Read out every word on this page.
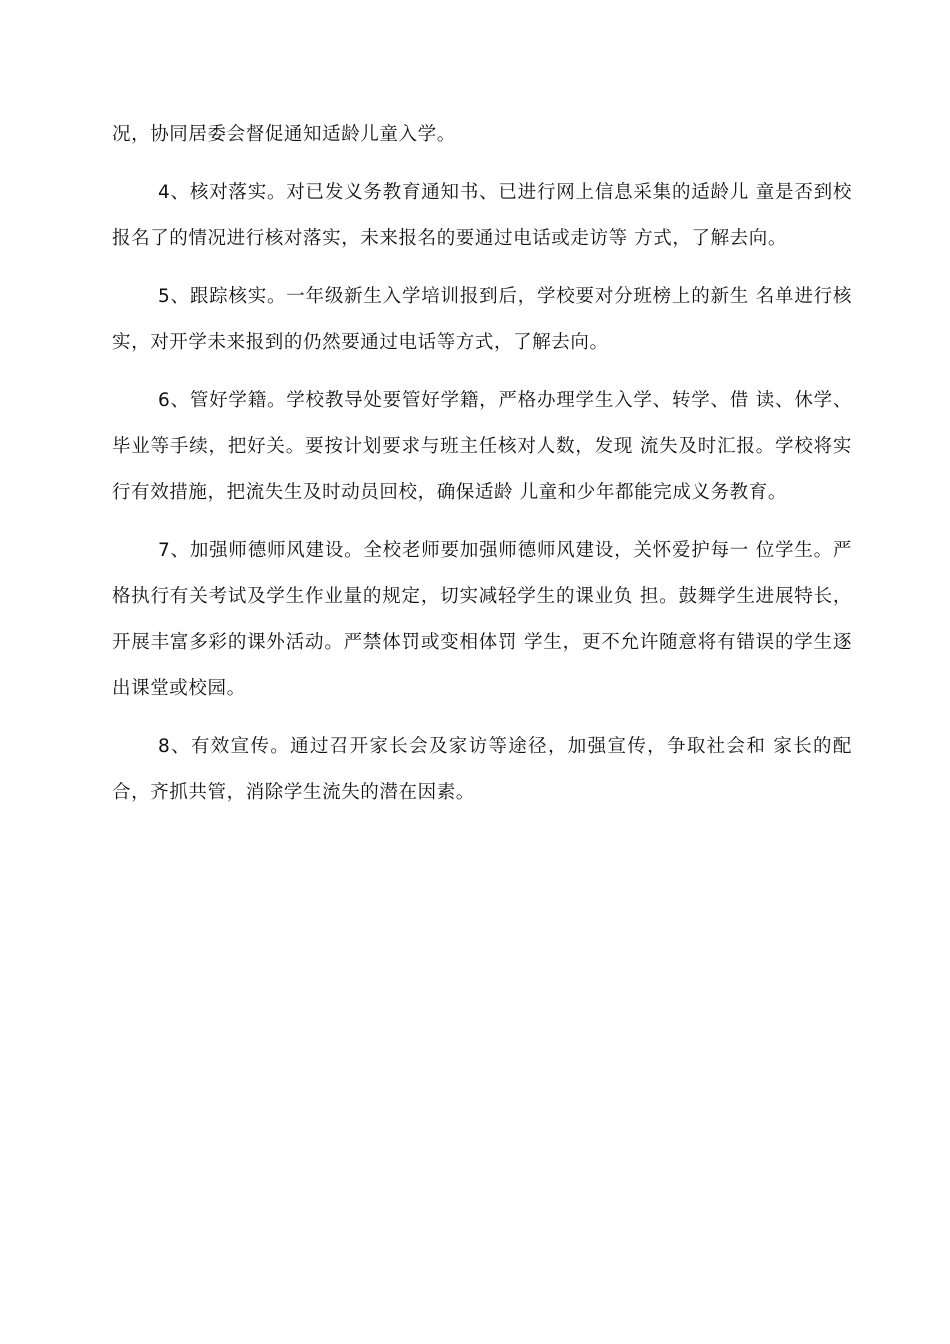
况，协同居委会督促通知适龄儿童入学。

4、核对落实。对已发义务教育通知书、已进行网上信息采集的适龄儿 童是否到校报名了的情况进行核对落实，未来报名的要通过电话或走访等 方式，了解去向。

5、跟踪核实。一年级新生入学培训报到后，学校要对分班榜上的新生 名单进行核实，对开学未来报到的仍然要通过电话等方式，了解去向。

6、管好学籍。学校教导处要管好学籍，严格办理学生入学、转学、借 读、休学、毕业等手续，把好关。要按计划要求与班主任核对人数，发现 流失及时汇报。学校将实行有效措施，把流失生及时动员回校，确保适龄 儿童和少年都能完成义务教育。

7、加强师德师风建设。全校老师要加强师德师风建设，关怀爱护每一 位学生。严格执行有关考试及学生作业量的规定，切实减轻学生的课业负 担。鼓舞学生进展特长，开展丰富多彩的课外活动。严禁体罚或变相体罚 学生，更不允许随意将有错误的学生逐出课堂或校园。

8、有效宣传。通过召开家长会及家访等途径，加强宣传，争取社会和 家长的配合，齐抓共管，消除学生流失的潜在因素。
